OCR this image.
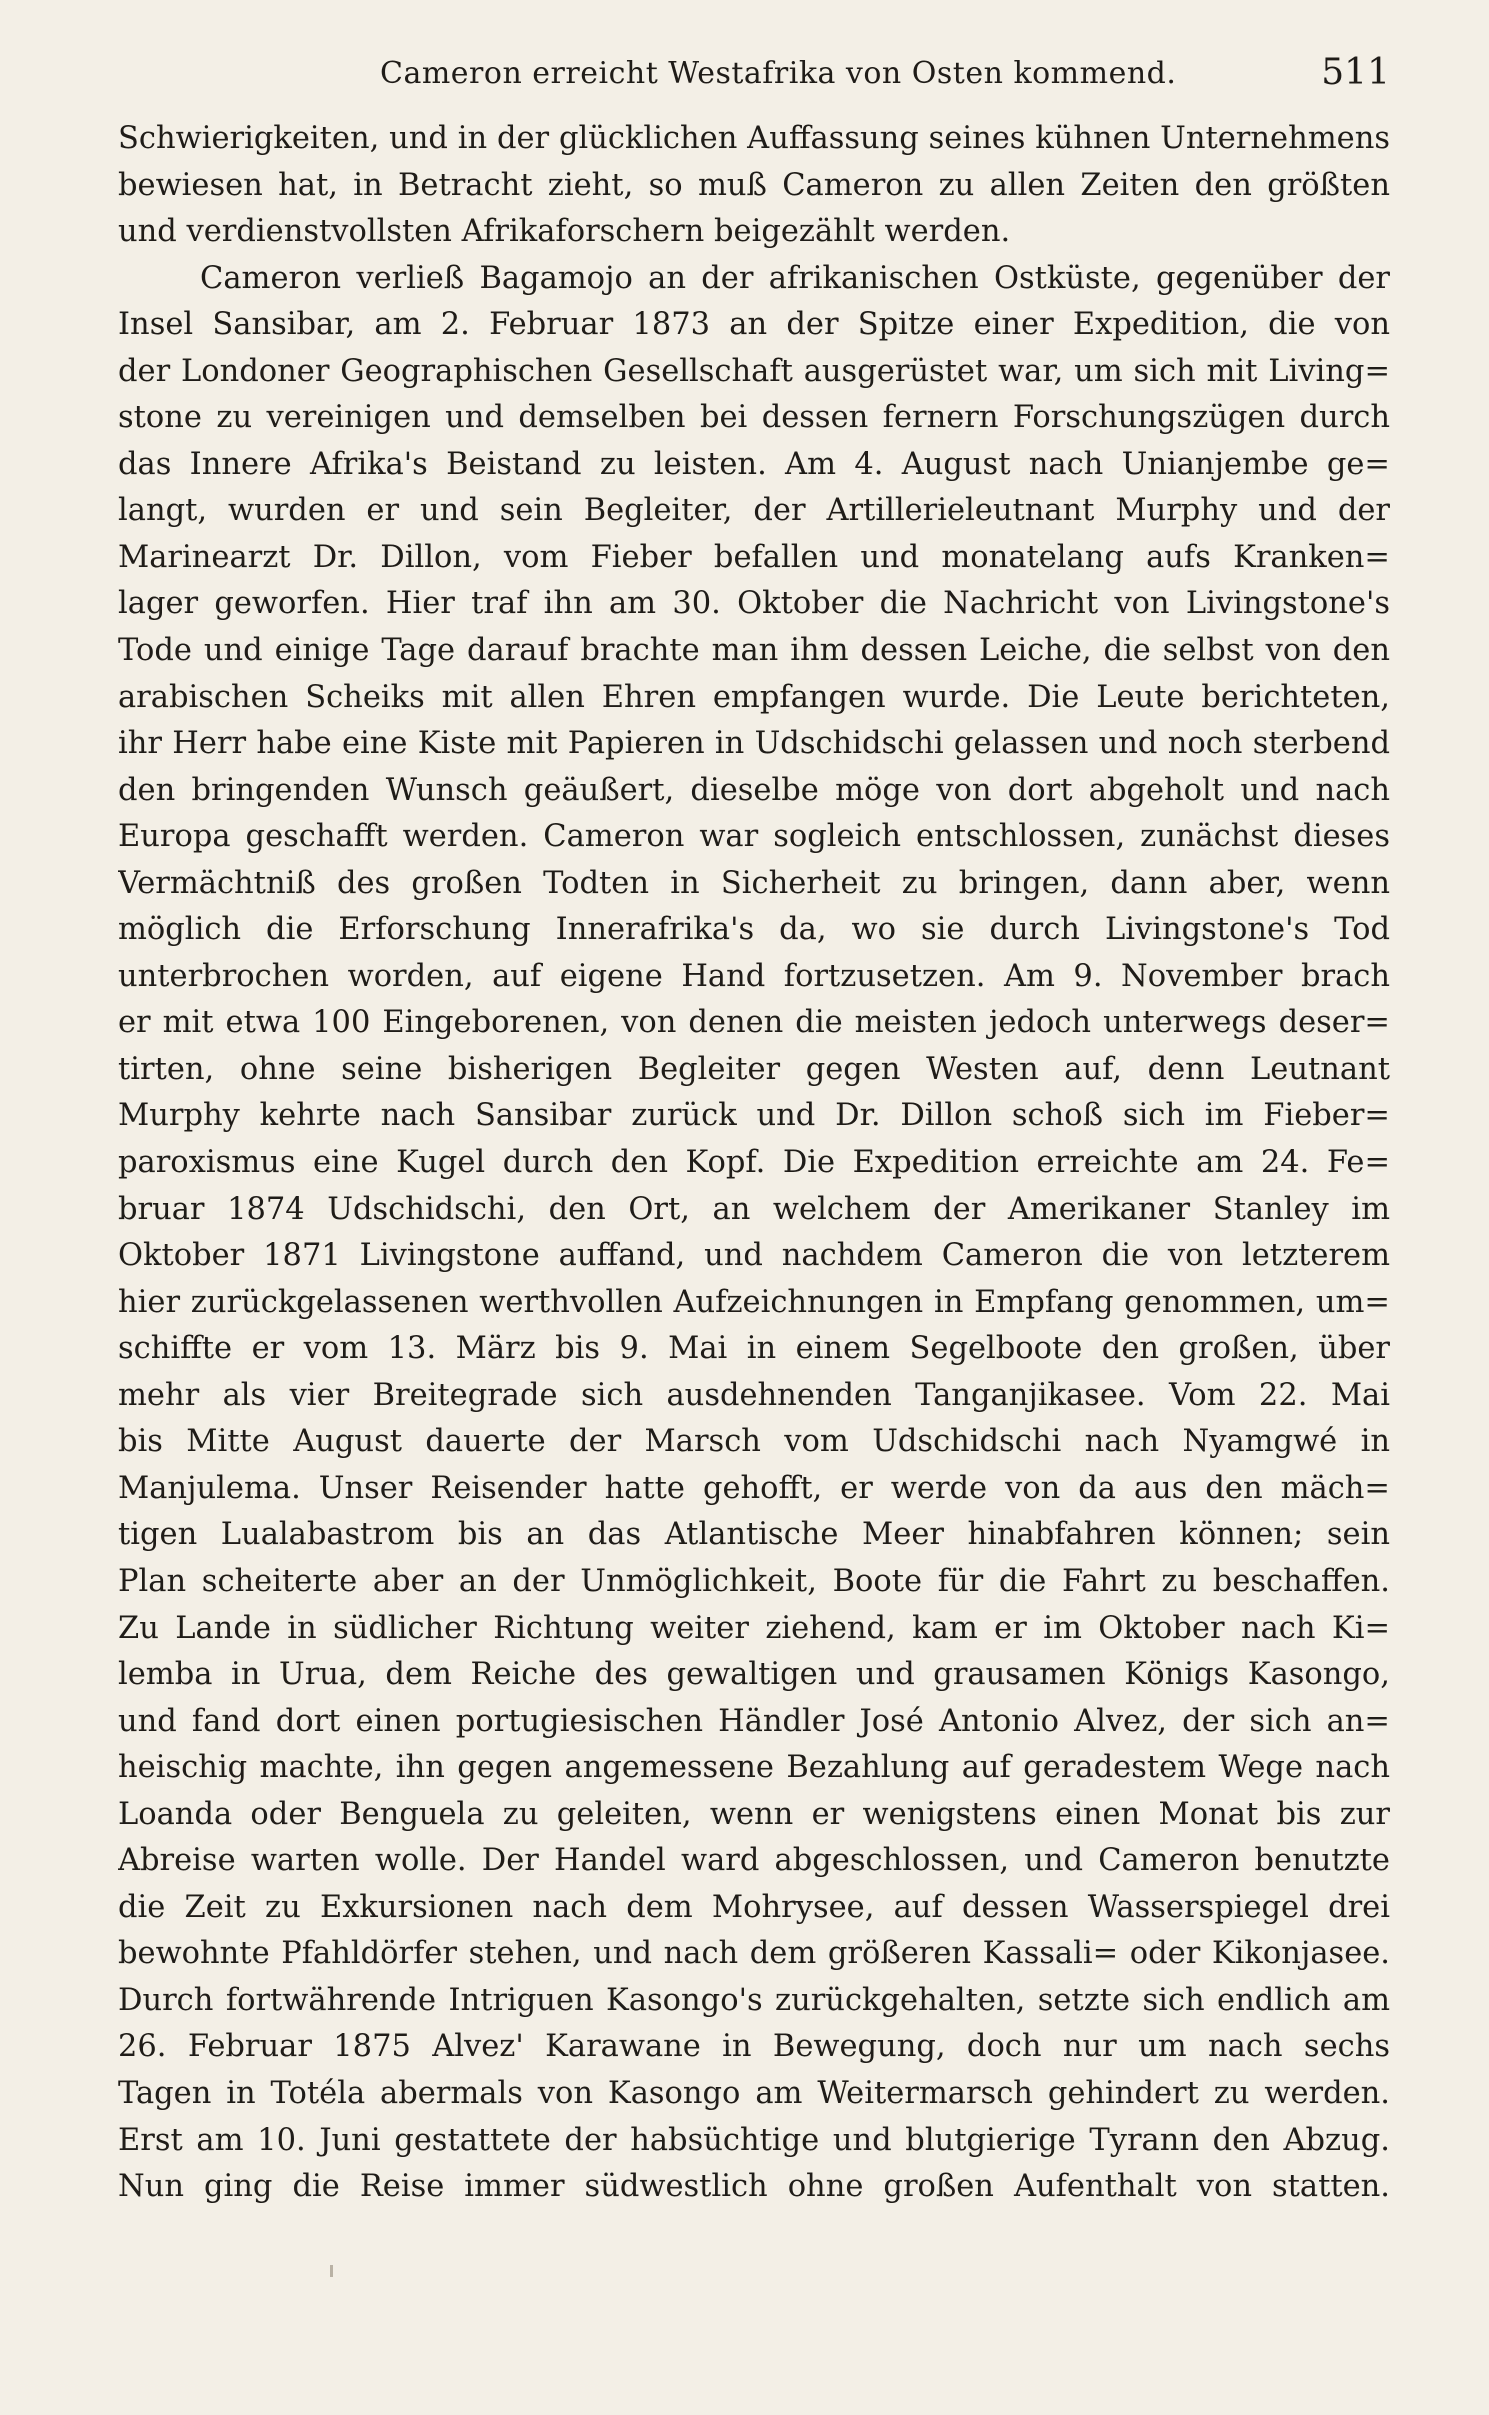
Cameron erreicht Westafrika von Osten kommend.	511
Schwierigkeiten, und in der glücklichen Auffassung seines kühnen Unternehmens
bewiesen hat, in Betracht zieht, so muß Cameron zu allen Zeiten den größten
und verdienstvollsten Afrikaforschern beigezählt werden.
Cameron verließ Bagamojo an der afrikanischen Ostküste, gegenüber der
Insel Sansibar, am 2. Februar 1873 an der Spitze einer Expedition, die von
der Londoner Geographischen Gesellschaft ausgerüstet war, um sich mit Living=
stone zu vereinigen und demselben bei dessen fernern Forschungszügen durch
das Innere Afrika's Beistand zu leisten. Am 4. August nach Unianjembe ge=
langt, wurden er und sein Begleiter, der Artillerieleutnant Murphy und der
Marinearzt Dr. Dillon, vom Fieber befallen und monatelang aufs Kranken=
lager geworfen. Hier traf ihn am 30. Oktober die Nachricht von Livingstone's
Tode und einige Tage darauf brachte man ihm dessen Leiche, die selbst von den
arabischen Scheiks mit allen Ehren empfangen wurde. Die Leute berichteten,
ihr Herr habe eine Kiste mit Papieren in Udschidschi gelassen und noch sterbend
den bringenden Wunsch geäußert, dieselbe möge von dort abgeholt und nach
Europa geschafft werden. Cameron war sogleich entschlossen, zunächst dieses
Vermächtniß des großen Todten in Sicherheit zu bringen, dann aber, wenn
möglich die Erforschung Innerafrika's da, wo sie durch Livingstone's Tod
unterbrochen worden, auf eigene Hand fortzusetzen. Am 9. November brach
er mit etwa 100 Eingeborenen, von denen die meisten jedoch unterwegs deser=
tirten, ohne seine bisherigen Begleiter gegen Westen auf, denn Leutnant
Murphy kehrte nach Sansibar zurück und Dr. Dillon schoß sich im Fieber=
paroxismus eine Kugel durch den Kopf. Die Expedition erreichte am 24. Fe=
bruar 1874 Udschidschi, den Ort, an welchem der Amerikaner Stanley im
Oktober 1871 Livingstone auffand, und nachdem Cameron die von letzterem
hier zurückgelassenen werthvollen Aufzeichnungen in Empfang genommen, um=
schiffte er vom 13. März bis 9. Mai in einem Segelboote den großen, über
mehr als vier Breitegrade sich ausdehnenden Tanganjikasee. Vom 22. Mai
bis Mitte August dauerte der Marsch vom Udschidschi nach Nyamgwé in
Manjulema. Unser Reisender hatte gehofft, er werde von da aus den mäch=
tigen Lualabastrom bis an das Atlantische Meer hinabfahren können; sein
Plan scheiterte aber an der Unmöglichkeit, Boote für die Fahrt zu beschaffen.
Zu Lande in südlicher Richtung weiter ziehend, kam er im Oktober nach Ki=
lemba in Urua, dem Reiche des gewaltigen und grausamen Königs Kasongo,
und fand dort einen portugiesischen Händler José Antonio Alvez, der sich an=
heischig machte, ihn gegen angemessene Bezahlung auf geradestem Wege nach
Loanda oder Benguela zu geleiten, wenn er wenigstens einen Monat bis zur
Abreise warten wolle. Der Handel ward abgeschlossen, und Cameron benutzte
die Zeit zu Exkursionen nach dem Mohrysee, auf dessen Wasserspiegel drei
bewohnte Pfahldörfer stehen, und nach dem größeren Kassali= oder Kikonjasee.
Durch fortwährende Intriguen Kasongo's zurückgehalten, setzte sich endlich am
26. Februar 1875 Alvez' Karawane in Bewegung, doch nur um nach sechs
Tagen in Totéla abermals von Kasongo am Weitermarsch gehindert zu werden.
Erst am 10. Juni gestattete der habsüchtige und blutgierige Tyrann den Abzug.
Nun ging die Reise immer südwestlich ohne großen Aufenthalt von statten.
